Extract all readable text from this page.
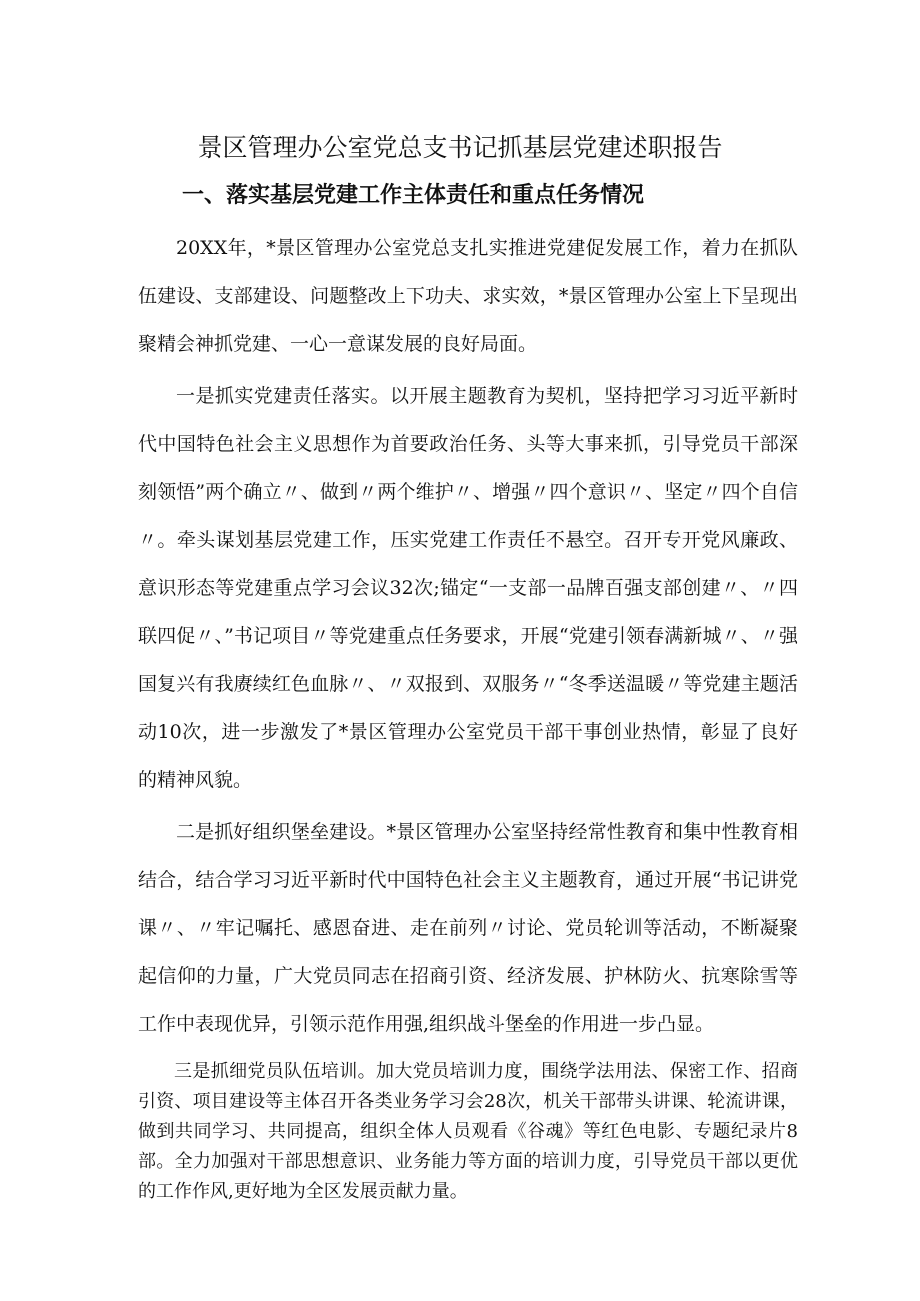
景区管理办公室党总支书记抓基层党建述职报告
一、落实基层党建工作主体责任和重点任务情况

20XX年，*景区管理办公室党总支扎实推进党建促发展工作，着力在抓队伍建设、支部建设、问题整改上下功夫、求实效，*景区管理办公室上下呈现出聚精会神抓党建、一心一意谋发展的良好局面。

一是抓实党建责任落实。以开展主题教育为契机，坚持把学习习近平新时代中国特色社会主义思想作为首要政治任务、头等大事来抓，引导党员干部深刻领悟”两个确立〃、做到〃两个维护〃、增强〃四个意识〃、坚定〃四个自信〃。牵头谋划基层党建工作，压实党建工作责任不悬空。召开专开党风廉政、意识形态等党建重点学习会议32次;锚定“一支部一品牌百强支部创建〃、〃四联四促〃、”书记项目〃等党建重点任务要求，开展“党建引领春满新城〃、〃强国复兴有我赓续红色血脉〃、〃双报到、双服务〃“冬季送温暖〃等党建主题活动10次，进一步激发了*景区管理办公室党员干部干事创业热情，彰显了良好的精神风貌。

二是抓好组织堡垒建设。*景区管理办公室坚持经常性教育和集中性教育相结合，结合学习习近平新时代中国特色社会主义主题教育，通过开展“书记讲党课〃、〃牢记嘱托、感恩奋进、走在前列〃讨论、党员轮训等活动，不断凝聚起信仰的力量，广大党员同志在招商引资、经济发展、护林防火、抗寒除雪等工作中表现优异，引领示范作用强,组织战斗堡垒的作用进一步凸显。

三是抓细党员队伍培训。加大党员培训力度，围绕学法用法、保密工作、招商引资、项目建设等主体召开各类业务学习会28次，机关干部带头讲课、轮流讲课，做到共同学习、共同提高，组织全体人员观看《谷魂》等红色电影、专题纪录片8部。全力加强对干部思想意识、业务能力等方面的培训力度，引导党员干部以更优的工作作风,更好地为全区发展贡献力量。
